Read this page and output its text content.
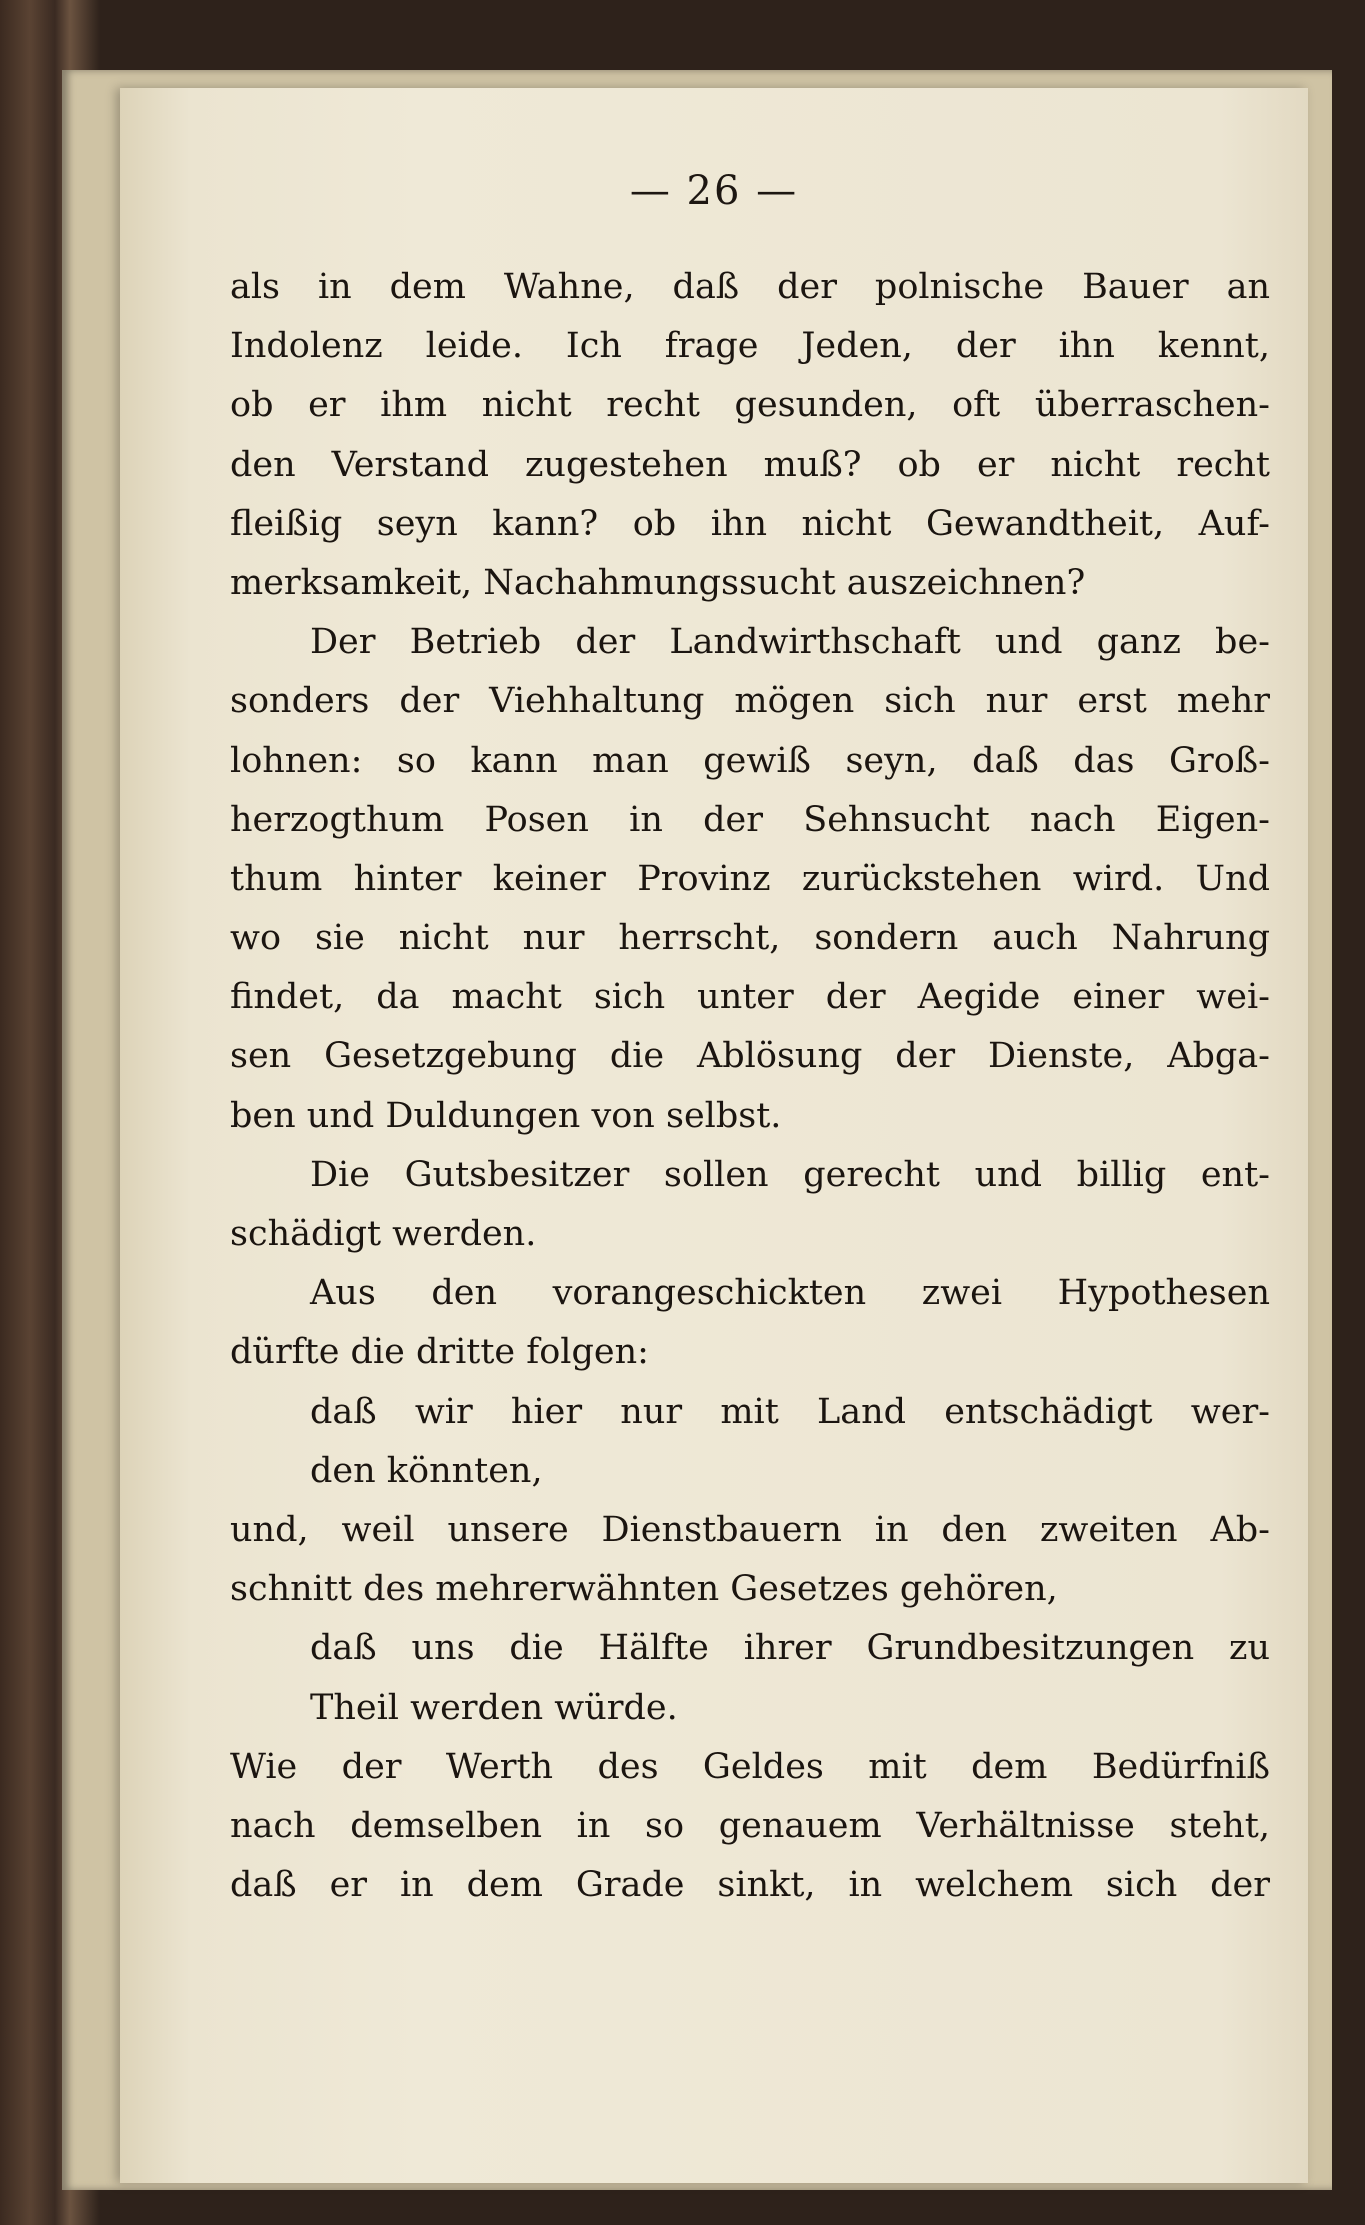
— 26 —
als in dem Wahne, daß der polnische Bauer an
Indolenz leide. Ich frage Jeden, der ihn kennt,
ob er ihm nicht recht gesunden, oft überraschen-
den Verstand zugestehen muß? ob er nicht recht
fleißig seyn kann? ob ihn nicht Gewandtheit, Auf-
merksamkeit, Nachahmungssucht auszeichnen?
Der Betrieb der Landwirthschaft und ganz be-
sonders der Viehhaltung mögen sich nur erst mehr
lohnen: so kann man gewiß seyn, daß das Groß-
herzogthum Posen in der Sehnsucht nach Eigen-
thum hinter keiner Provinz zurückstehen wird. Und
wo sie nicht nur herrscht, sondern auch Nahrung
findet, da macht sich unter der Aegide einer wei-
sen Gesetzgebung die Ablösung der Dienste, Abga-
ben und Duldungen von selbst.
Die Gutsbesitzer sollen gerecht und billig ent-
schädigt werden.
Aus den vorangeschickten zwei Hypothesen
dürfte die dritte folgen:
daß wir hier nur mit Land entschädigt wer-
den könnten,
und, weil unsere Dienstbauern in den zweiten Ab-
schnitt des mehrerwähnten Gesetzes gehören,
daß uns die Hälfte ihrer Grundbesitzungen zu
Theil werden würde.
Wie der Werth des Geldes mit dem Bedürfniß
nach demselben in so genauem Verhältnisse steht,
daß er in dem Grade sinkt, in welchem sich der
